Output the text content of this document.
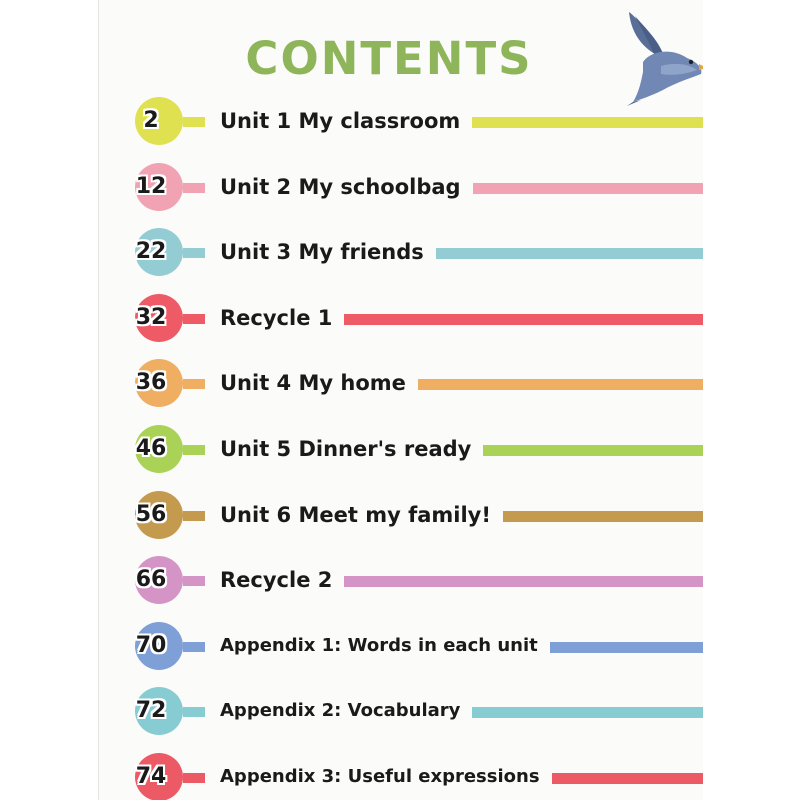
CONTENTS
2	Unit 1 My classroom
12	Unit 2 My schoolbag
22	Unit 3 My friends
32	Recycle 1
36	Unit 4 My home
46	Unit 5 Dinner's ready
56	Unit 6 Meet my family!
66	Recycle 2
70	Appendix 1: Words in each unit
72	Appendix 2: Vocabulary
74	Appendix 3: Useful expressions
